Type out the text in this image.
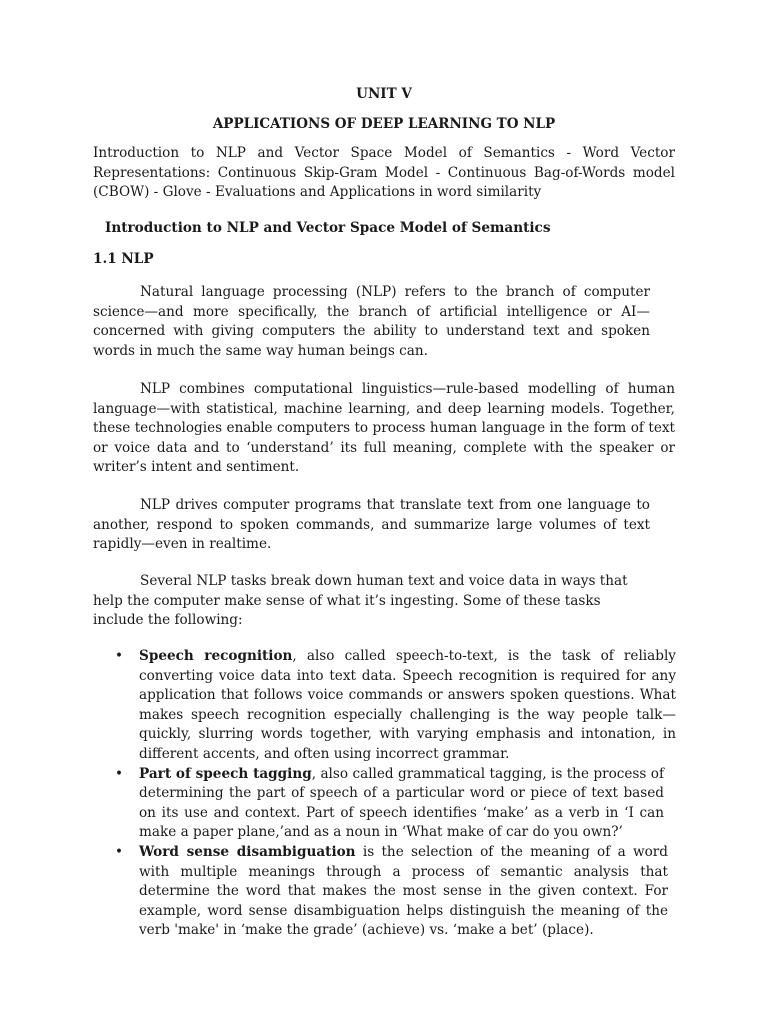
UNIT V
APPLICATIONS OF DEEP LEARNING TO NLP

Introduction to NLP and Vector Space Model of Semantics - Word Vector Representations: Continuous Skip-Gram Model - Continuous Bag-of-Words model (CBOW) - Glove - Evaluations and Applications in word similarity

Introduction to NLP and Vector Space Model of Semantics

1.1 NLP

Natural language processing (NLP) refers to the branch of computer science—and more specifically, the branch of artificial intelligence or AI—concerned with giving computers the ability to understand text and spoken words in much the same way human beings can.

NLP combines computational linguistics—rule-based modelling of human language—with statistical, machine learning, and deep learning models. Together, these technologies enable computers to process human language in the form of text or voice data and to ‘understand’ its full meaning, complete with the speaker or writer’s intent and sentiment.

NLP drives computer programs that translate text from one language to another, respond to spoken commands, and summarize large volumes of text rapidly—even in realtime.

Several NLP tasks break down human text and voice data in ways that help the computer make sense of what it’s ingesting. Some of these tasks include the following:

• Speech recognition, also called speech-to-text, is the task of reliably converting voice data into text data. Speech recognition is required for any application that follows voice commands or answers spoken questions. What makes speech recognition especially challenging is the way people talk—quickly, slurring words together, with varying emphasis and intonation, in different accents, and often using incorrect grammar.
• Part of speech tagging, also called grammatical tagging, is the process of determining the part of speech of a particular word or piece of text based on its use and context. Part of speech identifies ‘make’ as a verb in ‘I can make a paper plane,’and as a noun in ‘What make of car do you own?’
• Word sense disambiguation is the selection of the meaning of a word with multiple meanings through a process of semantic analysis that determine the word that makes the most sense in the given context. For example, word sense disambiguation helps distinguish the meaning of the verb 'make' in ‘make the grade’ (achieve) vs. ‘make a bet’ (place).
